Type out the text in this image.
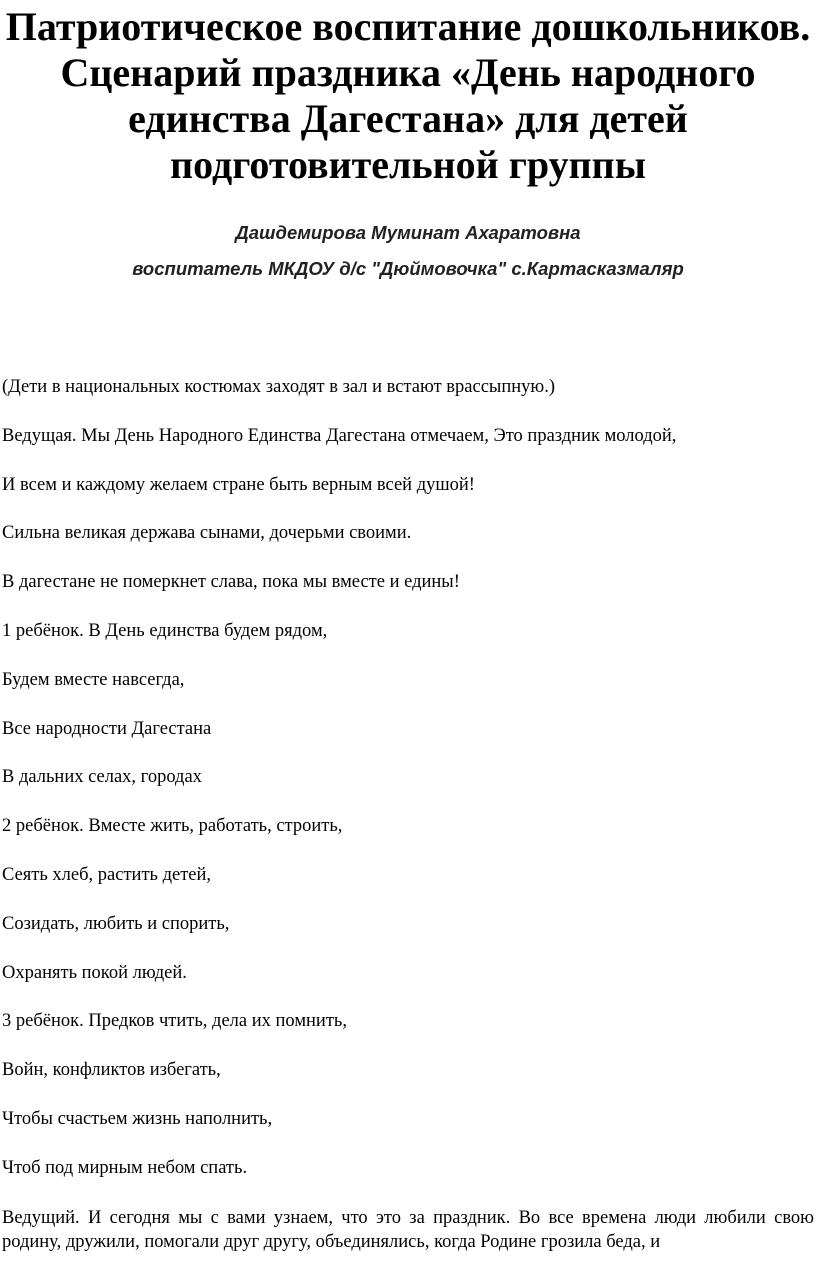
Патриотическое воспитание дошкольников. Сценарий праздника «День народного единства Дагестана» для детей подготовительной группы
Дашдемирова Муминат Ахаратовна
воспитатель МКДОУ д/с "Дюймовочка" с.Картасказмаляр

(Дети в национальных костюмах заходят в зал и встают врассыпную.)

Ведущая. Мы День Народного Единства Дагестана отмечаем, Это праздник молодой,

И всем и каждому желаем стране быть верным всей душой!

Сильна великая держава сынами, дочерьми своими.

В дагестане не померкнет слава, пока мы вместе и едины!

1 ребёнок. В День единства будем рядом,

Будем вместе навсегда,

Все народности Дагестана

В дальних селах, городах

2 ребёнок. Вместе жить, работать, строить,

Сеять хлеб, растить детей,

Созидать, любить и спорить,

Охранять покой людей.

3 ребёнок. Предков чтить, дела их помнить,

Войн, конфликтов избегать,

Чтобы счастьем жизнь наполнить,

Чтоб под мирным небом спать.

Ведущий. И сегодня мы с вами узнаем, что это за праздник. Во все времена люди любили свою родину, дружили, помогали друг другу, объединялись, когда Родине грозила беда, и
